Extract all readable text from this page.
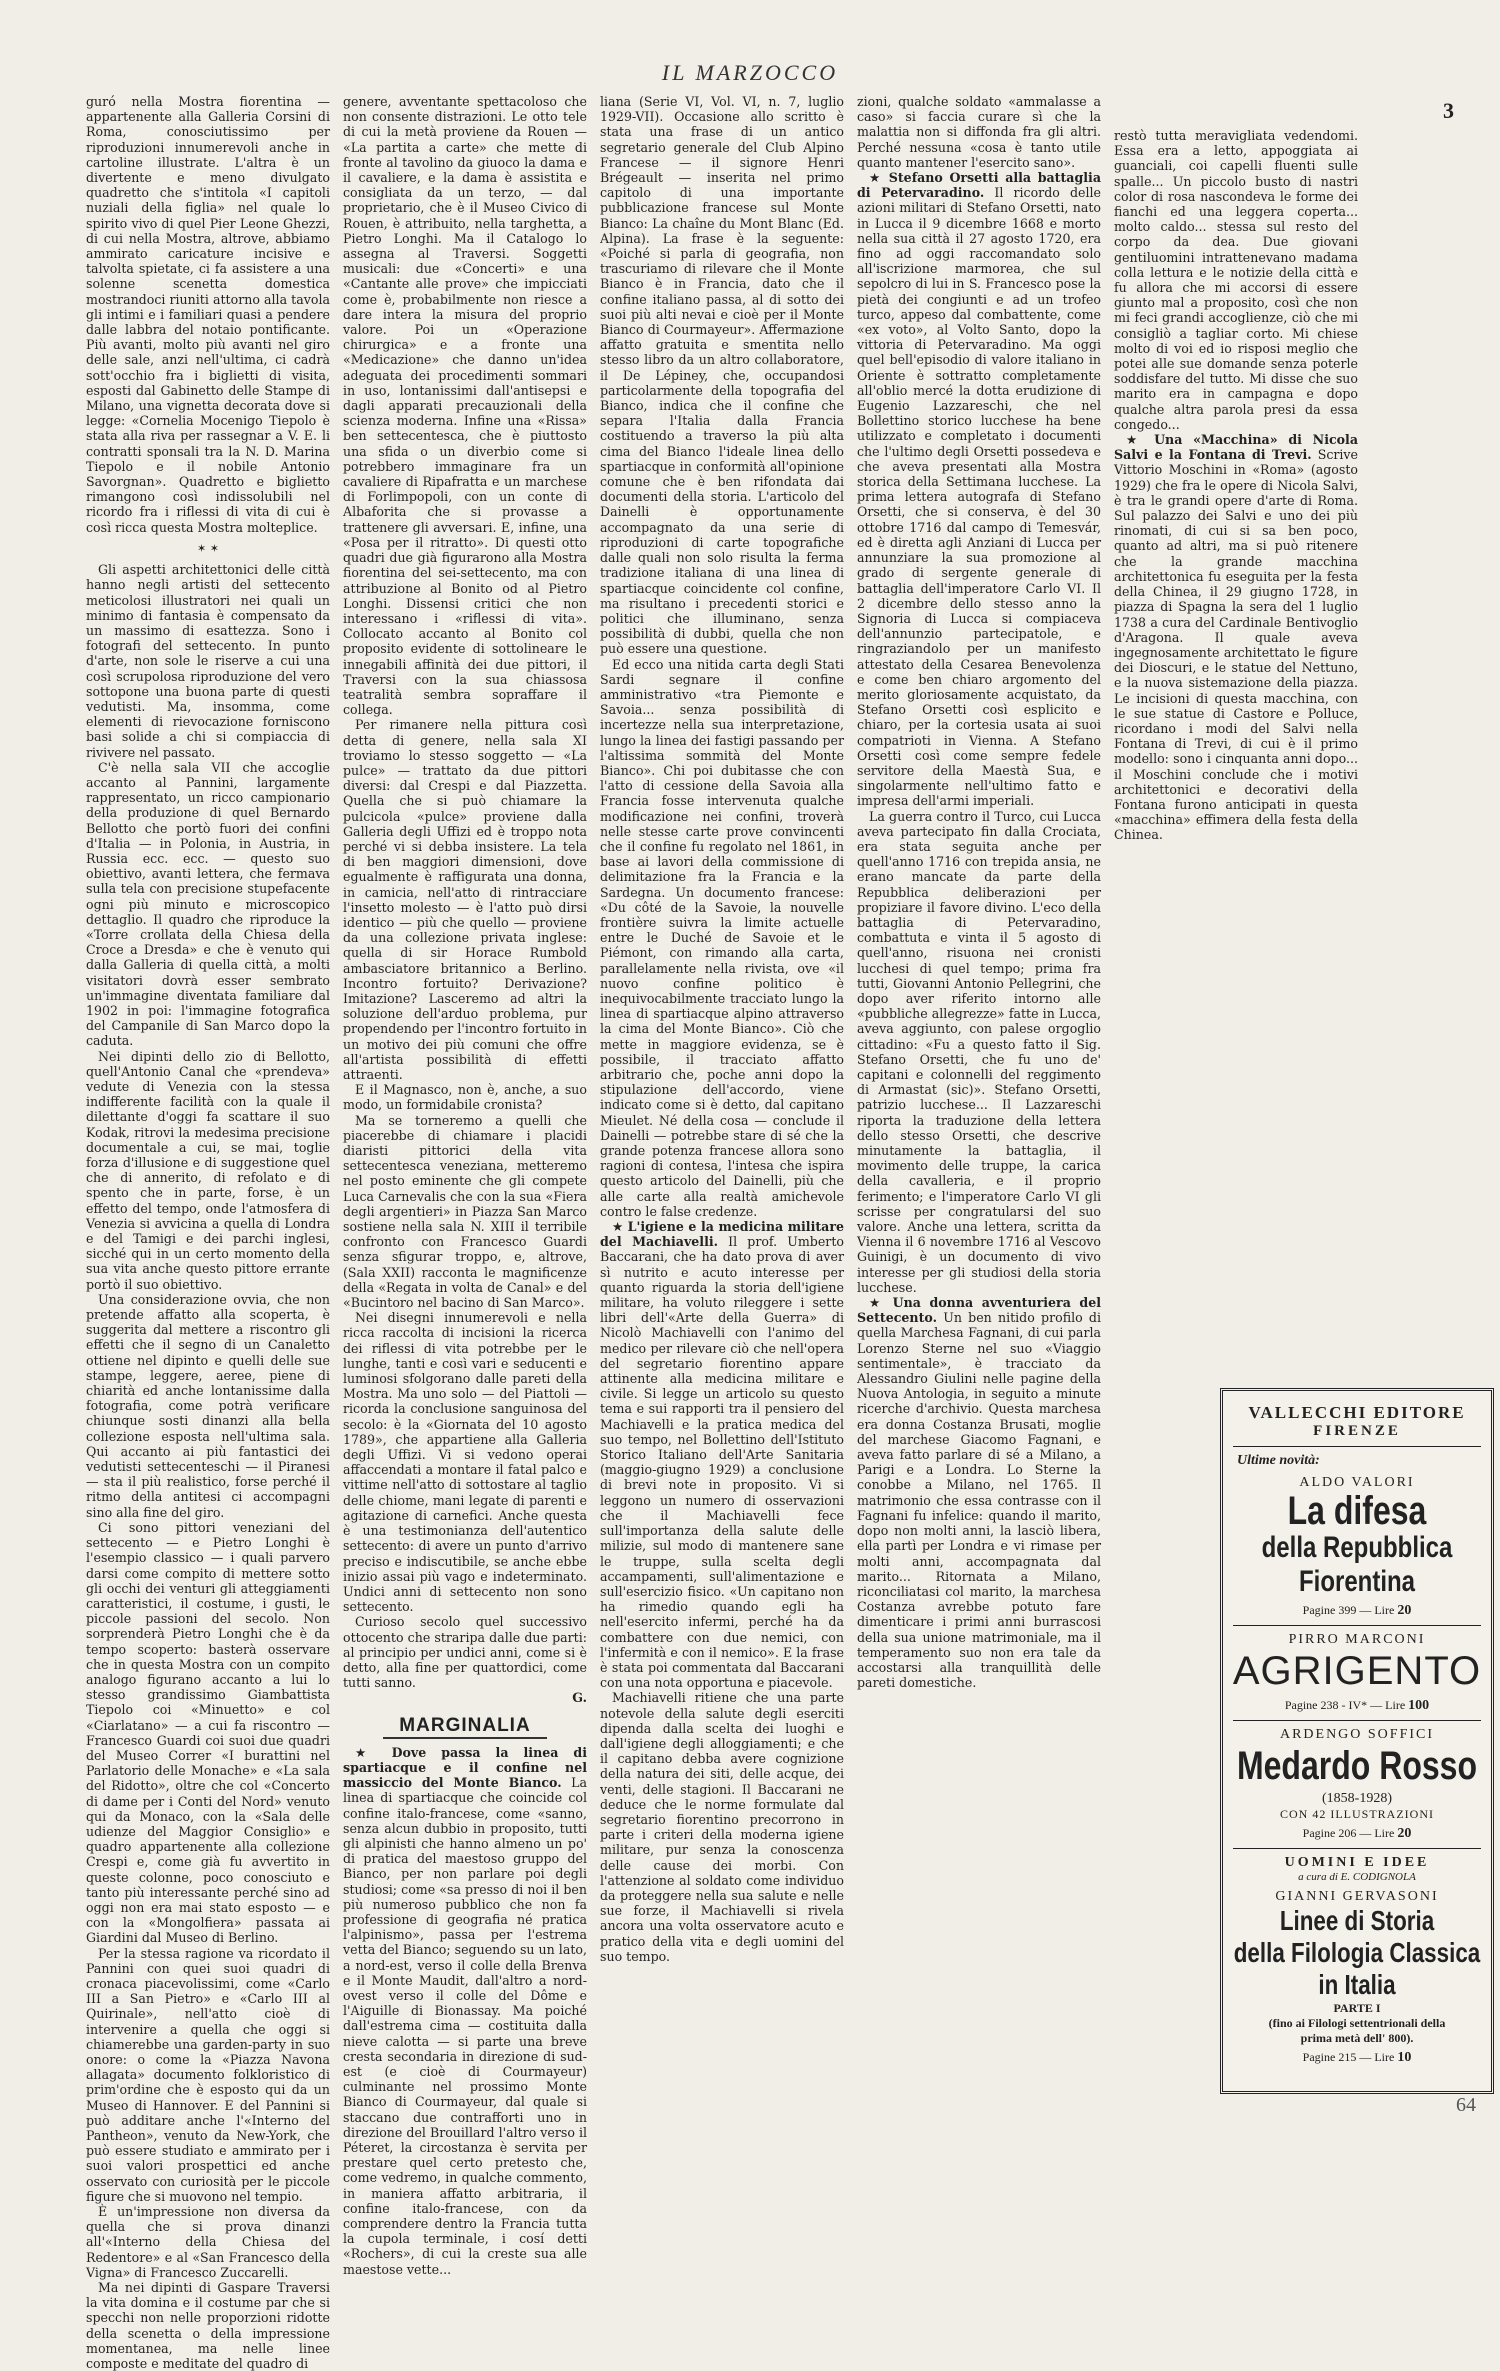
IL MARZOCCO
3
64

guró nella Mostra fiorentina — appartenente alla Galleria Corsini di Roma, conosciutissimo per riproduzioni innumerevoli anche in cartoline illustrate. L'altra è un divertente e meno divulgato quadretto che s'intitola «I capitoli nuziali della figlia» nel quale lo spirito vivo di quel Pier Leone Ghezzi, di cui nella Mostra, altrove, abbiamo ammirato caricature incisive e talvolta spietate, ci fa assistere a una solenne scenetta domestica mostrandoci riuniti attorno alla tavola gli intimi e i familiari quasi a pendere dalle labbra del notaio pontificante. Più avanti, molto più avanti nel giro delle sale, anzi nell'ultima, ci cadrà sott'occhio fra i biglietti di visita, esposti dal Gabinetto delle Stampe di Milano, una vignetta decorata dove si legge: «Cornelia Mocenigo Tiepolo è stata alla riva per rassegnar a V. E. li contratti sponsali tra la N. D. Marina Tiepolo e il nobile Antonio Savorgnan». Quadretto e biglietto rimangono così indissolubili nel ricordo fra i riflessi di vita di cui è così ricca questa Mostra molteplice.

✶ ✶

Gli aspetti architettonici delle città hanno negli artisti del settecento meticolosi illustratori nei quali un minimo di fantasia è compensato da un massimo di esattezza. Sono i fotografi del settecento. In punto d'arte, non sole le riserve a cui una così scrupolosa riproduzione del vero sottopone una buona parte di questi vedutisti. Ma, insomma, come elementi di rievocazione forniscono basi solide a chi si compiaccia di rivivere nel passato.

C'è nella sala VII che accoglie accanto al Pannini, largamente rappresentato, un ricco campionario della produzione di quel Bernardo Bellotto che portò fuori dei confini d'Italia — in Polonia, in Austria, in Russia ecc. ecc. — questo suo obiettivo, avanti lettera, che fermava sulla tela con precisione stupefacente ogni più minuto e microscopico dettaglio. Il quadro che riproduce la «Torre crollata della Chiesa della Croce a Dresda» e che è venuto qui dalla Galleria di quella città, a molti visitatori dovrà esser sembrato un'immagine diventata familiare dal 1902 in poi: l'immagine fotografica del Campanile di San Marco dopo la caduta.

Nei dipinti dello zio di Bellotto, quell'Antonio Canal che «prendeva» vedute di Venezia con la stessa indifferente facilità con la quale il dilettante d'oggi fa scattare il suo Kodak, ritrovi la medesima precisione documentale a cui, se mai, toglie forza d'illusione e di suggestione quel che di annerito, di refolato e di spento che in parte, forse, è un effetto del tempo, onde l'atmosfera di Venezia si avvicina a quella di Londra e del Tamigi e dei parchi inglesi, sicché qui in un certo momento della sua vita anche questo pittore errante portò il suo obiettivo.

Una considerazione ovvia, che non pretende affatto alla scoperta, è suggerita dal mettere a riscontro gli effetti che il segno di un Canaletto ottiene nel dipinto e quelli delle sue stampe, leggere, aeree, piene di chiarità ed anche lontanissime dalla fotografia, come potrà verificare chiunque sosti dinanzi alla bella collezione esposta nell'ultima sala. Qui accanto ai più fantastici dei vedutisti settecenteschi — il Piranesi — sta il più realistico, forse perché il ritmo della antitesi ci accompagni sino alla fine del giro.

Ci sono pittori veneziani del settecento — e Pietro Longhi è l'esempio classico — i quali parvero darsi come compito di mettere sotto gli occhi dei venturi gli atteggiamenti caratteristici, il costume, i gusti, le piccole passioni del secolo. Non sorprenderà Pietro Longhi che è da tempo scoperto: basterà osservare che in questa Mostra con un compito analogo figurano accanto a lui lo stesso grandissimo Giambattista Tiepolo coi «Minuetto» e col «Ciarlatano» — a cui fa riscontro — Francesco Guardi coi suoi due quadri del Museo Correr «I burattini nel Parlatorio delle Monache» e «La sala del Ridotto», oltre che col «Concerto di dame per i Conti del Nord» venuto qui da Monaco, con la «Sala delle udienze del Maggior Consiglio» e quadro appartenente alla collezione Crespi e, come già fu avvertito in queste colonne, poco conosciuto e tanto più interessante perché sino ad oggi non era mai stato esposto — e con la «Mongolfiera» passata ai Giardini dal Museo di Berlino.

Per la stessa ragione va ricordato il Pannini con quei suoi quadri di cronaca piacevolissimi, come «Carlo III a San Pietro» e «Carlo III al Quirinale», nell'atto cioè di intervenire a quella che oggi si chiamerebbe una garden-party in suo onore: o come la «Piazza Navona allagata» documento folkloristico di prim'ordine che è esposto qui da un Museo di Hannover. E del Pannini si può additare anche l'«Interno del Pantheon», venuto da New-York, che può essere studiato e ammirato per i suoi valori prospettici ed anche osservato con curiosità per le piccole figure che si muovono nel tempio.

È un'impressione non diversa da quella che si prova dinanzi all'«Interno della Chiesa del Redentore» e al «San Francesco della Vigna» di Francesco Zuccarelli.

Ma nei dipinti di Gaspare Traversi la vita domina e il costume par che si specchi non nelle proporzioni ridotte della scenetta o della impressione momentanea, ma nelle linee composte e meditate del quadro di

genere, avventante spettacoloso che non consente distrazioni. Le otto tele di cui la metà proviene da Rouen — «La partita a carte» che mette di fronte al tavolino da giuoco la dama e il cavaliere, e la dama è assistita e consigliata da un terzo, — dal proprietario, che è il Museo Civico di Rouen, è attribuito, nella targhetta, a Pietro Longhi. Ma il Catalogo lo assegna al Traversi. Soggetti musicali: due «Concerti» e una «Cantante alle prove» che impicciati come è, probabilmente non riesce a dare intera la misura del proprio valore. Poi un «Operazione chirurgica» e a fronte una «Medicazione» che danno un'idea adeguata dei procedimenti sommari in uso, lontanissimi dall'antisepsi e dagli apparati precauzionali della scienza moderna. Infine una «Rissa» ben settecentesca, che è piuttosto una sfida o un diverbio come si potrebbero immaginare fra un cavaliere di Ripafratta e un marchese di Forlimpopoli, con un conte di Albaforita che si provasse a trattenere gli avversari. E, infine, una «Posa per il ritratto». Di questi otto quadri due già figurarono alla Mostra fiorentina del sei-settecento, ma con attribuzione al Bonito od al Pietro Longhi. Dissensi critici che non interessano i «riflessi di vita». Collocato accanto al Bonito col proposito evidente di sottolineare le innegabili affinità dei due pittori, il Traversi con la sua chiassosa teatralità sembra sopraffare il collega.

Per rimanere nella pittura così detta di genere, nella sala XI troviamo lo stesso soggetto — «La pulce» — trattato da due pittori diversi: dal Crespi e dal Piazzetta. Quella che si può chiamare la pulcicola «pulce» proviene dalla Galleria degli Uffizi ed è troppo nota perché vi si debba insistere. La tela di ben maggiori dimensioni, dove egualmente è raffigurata una donna, in camicia, nell'atto di rintracciare l'insetto molesto — è l'atto può dirsi identico — più che quello — proviene da una collezione privata inglese: quella di sir Horace Rumbold ambasciatore britannico a Berlino. Incontro fortuito? Derivazione? Imitazione? Lasceremo ad altri la soluzione dell'arduo problema, pur propendendo per l'incontro fortuito in un motivo dei più comuni che offre all'artista possibilità di effetti attraenti.

E il Magnasco, non è, anche, a suo modo, un formidabile cronista?

Ma se torneremo a quelli che piacerebbe di chiamare i placidi diaristi pittorici della vita settecentesca veneziana, metteremo nel posto eminente che gli compete Luca Carnevalis che con la sua «Fiera degli argentieri» in Piazza San Marco sostiene nella sala N. XIII il terribile confronto con Francesco Guardi senza sfigurar troppo, e, altrove, (Sala XXII) racconta le magnificenze della «Regata in volta de Canal» e del «Bucintoro nel bacino di San Marco».

Nei disegni innumerevoli e nella ricca raccolta di incisioni la ricerca dei riflessi di vita potrebbe per le lunghe, tanti e così vari e seducenti e luminosi sfolgorano dalle pareti della Mostra. Ma uno solo — del Piattoli — ricorda la conclusione sanguinosa del secolo: è la «Giornata del 10 agosto 1789», che appartiene alla Galleria degli Uffizi. Vi si vedono operai affaccendati a montare il fatal palco e vittime nell'atto di sottostare al taglio delle chiome, mani legate di parenti e agitazione di carnefici. Anche questa è una testimonianza dell'autentico settecento: di avere un punto d'arrivo preciso e indiscutibile, se anche ebbe inizio assai più vago e indeterminato. Undici anni di settecento non sono settecento.

Curioso secolo quel successivo ottocento che straripa dalle due parti: al principio per undici anni, come si è detto, alla fine per quattordici, come tutti sanno.

G.

MARGINALIA

★ Dove passa la linea di spartiacque e il confine nel massiccio del Monte Bianco. La linea di spartiacque che coincide col confine italo-francese, come «sanno, senza alcun dubbio in proposito, tutti gli alpinisti che hanno almeno un po' di pratica del maestoso gruppo del Bianco, per non parlare poi degli studiosi; come «sa presso di noi il ben più numeroso pubblico che non fa professione di geografia né pratica l'alpinismo», passa per l'estrema vetta del Bianco; seguendo su un lato, a nord-est, verso il colle della Brenva e il Monte Maudit, dall'altro a nord-ovest verso il colle del Dôme e l'Aiguille di Bionassay. Ma poiché dall'estrema cima — costituita dalla nieve calotta — si parte una breve cresta secondaria in direzione di sud-est (e cioè di Courmayeur) culminante nel prossimo Monte Bianco di Courmayeur, dal quale si staccano due contrafforti uno in direzione del Brouillard l'altro verso il Péteret, la circostanza è servita per prestare quel certo pretesto che, come vedremo, in qualche commento, in maniera affatto arbitraria, il confine italo-francese, con da comprendere dentro la Francia tutta la cupola terminale, i cosí detti «Rochers», di cui la creste sua alle maestose vette...

liana (Serie VI, Vol. VI, n. 7, luglio 1929-VII). Occasione allo scritto è stata una frase di un antico segretario generale del Club Alpino Francese — il signore Henri Brégeault — inserita nel primo capitolo di una importante pubblicazione francese sul Monte Bianco: La chaîne du Mont Blanc (Ed. Alpina). La frase è la seguente: «Poiché si parla di geografia, non trascuriamo di rilevare che il Monte Bianco è in Francia, dato che il confine italiano passa, al di sotto dei suoi più alti nevai e cioè per il Monte Bianco di Courmayeur». Affermazione affatto gratuita e smentita nello stesso libro da un altro collaboratore, il De Lépiney, che, occupandosi particolarmente della topografia del Bianco, indica che il confine che separa l'Italia dalla Francia costituendo a traverso la più alta cima del Bianco l'ideale linea dello spartiacque in conformità all'opinione comune che è ben rifondata dai documenti della storia. L'articolo del Dainelli è opportunamente accompagnato da una serie di riproduzioni di carte topografiche dalle quali non solo risulta la ferma tradizione italiana di una linea di spartiacque coincidente col confine, ma risultano i precedenti storici e politici che illuminano, senza possibilità di dubbi, quella che non può essere una questione.

Ed ecco una nitida carta degli Stati Sardi segnare il confine amministrativo «tra Piemonte e Savoia... senza possibilità di incertezze nella sua interpretazione, lungo la linea dei fastigi passando per l'altissima sommità del Monte Bianco». Chi poi dubitasse che con l'atto di cessione della Savoia alla Francia fosse intervenuta qualche modificazione nei confini, troverà nelle stesse carte prove convincenti che il confine fu regolato nel 1861, in base ai lavori della commissione di delimitazione fra la Francia e la Sardegna. Un documento francese: «Du côté de la Savoie, la nouvelle frontière suivra la limite actuelle entre le Duché de Savoie et le Piémont, con rimando alla carta, parallelamente nella rivista, ove «il nuovo confine politico è inequivocabilmente tracciato lungo la linea di spartiacque alpino attraverso la cima del Monte Bianco». Ciò che mette in maggiore evidenza, se è possibile, il tracciato affatto arbitrario che, poche anni dopo la stipulazione dell'accordo, viene indicato come si è detto, dal capitano Mieulet. Né della cosa — conclude il Dainelli — potrebbe stare di sé che la grande potenza francese allora sono ragioni di contesa, l'intesa che ispira questo articolo del Dainelli, più che alle carte alla realtà amichevole contro le false credenze.

★ L'igiene e la medicina militare del Machiavelli. Il prof. Umberto Baccarani, che ha dato prova di aver sì nutrito e acuto interesse per quanto riguarda la storia dell'igiene militare, ha voluto rileggere i sette libri dell'«Arte della Guerra» di Nicolò Machiavelli con l'animo del medico per rilevare ciò che nell'opera del segretario fiorentino appare attinente alla medicina militare e civile. Si legge un articolo su questo tema e sui rapporti tra il pensiero del Machiavelli e la pratica medica del suo tempo, nel Bollettino dell'Istituto Storico Italiano dell'Arte Sanitaria (maggio-giugno 1929) a conclusione di brevi note in proposito. Vi si leggono un numero di osservazioni che il Machiavelli fece sull'importanza della salute delle milizie, sul modo di mantenere sane le truppe, sulla scelta degli accampamenti, sull'alimentazione e sull'esercizio fisico. «Un capitano non ha rimedio quando egli ha nell'esercito infermi, perché ha da combattere con due nemici, con l'infermità e con il nemico». E la frase è stata poi commentata dal Baccarani con una nota opportuna e piacevole.

Machiavelli ritiene che una parte notevole della salute degli eserciti dipenda dalla scelta dei luoghi e dall'igiene degli alloggiamenti; e che il capitano debba avere cognizione della natura dei siti, delle acque, dei venti, delle stagioni. Il Baccarani ne deduce che le norme formulate dal segretario fiorentino precorrono in parte i criteri della moderna igiene militare, pur senza la conoscenza delle cause dei morbi. Con l'attenzione al soldato come individuo da proteggere nella sua salute e nelle sue forze, il Machiavelli si rivela ancora una volta osservatore acuto e pratico della vita e degli uomini del suo tempo.

zioni, qualche soldato «ammalasse a caso» si faccia curare sì che la malattia non si diffonda fra gli altri. Perché nessuna «cosa è tanto utile quanto mantener l'esercito sano».

★ Stefano Orsetti alla battaglia di Petervaradino. Il ricordo delle azioni militari di Stefano Orsetti, nato in Lucca il 9 dicembre 1668 e morto nella sua città il 27 agosto 1720, era fino ad oggi raccomandato solo all'iscrizione marmorea, che sul sepolcro di lui in S. Francesco pose la pietà dei congiunti e ad un trofeo turco, appeso dal combattente, come «ex voto», al Volto Santo, dopo la vittoria di Petervaradino. Ma oggi quel bell'episodio di valore italiano in Oriente è sottratto completamente all'oblio mercé la dotta erudizione di Eugenio Lazzareschi, che nel Bollettino storico lucchese ha bene utilizzato e completato i documenti che l'ultimo degli Orsetti possedeva e che aveva presentati alla Mostra storica della Settimana lucchese. La prima lettera autografa di Stefano Orsetti, che si conserva, è del 30 ottobre 1716 dal campo di Temesvár, ed è diretta agli Anziani di Lucca per annunziare la sua promozione al grado di sergente generale di battaglia dell'imperatore Carlo VI. Il 2 dicembre dello stesso anno la Signoria di Lucca si compiaceva dell'annunzio partecipatole, e ringraziandolo per un manifesto attestato della Cesarea Benevolenza e come ben chiaro argomento del merito gloriosamente acquistato, da Stefano Orsetti così esplicito e chiaro, per la cortesia usata ai suoi compatrioti in Vienna. A Stefano Orsetti così come sempre fedele servitore della Maestà Sua, e singolarmente nell'ultimo fatto e impresa dell'armi imperiali.

La guerra contro il Turco, cui Lucca aveva partecipato fin dalla Crociata, era stata seguita anche per quell'anno 1716 con trepida ansia, ne erano mancate da parte della Repubblica deliberazioni per propiziare il favore divino. L'eco della battaglia di Petervaradino, combattuta e vinta il 5 agosto di quell'anno, risuona nei cronisti lucchesi di quel tempo; prima fra tutti, Giovanni Antonio Pellegrini, che dopo aver riferito intorno alle «pubbliche allegrezze» fatte in Lucca, aveva aggiunto, con palese orgoglio cittadino: «Fu a questo fatto il Sig. Stefano Orsetti, che fu uno de' capitani e colonnelli del reggimento di Armastat (sic)». Stefano Orsetti, patrizio lucchese... Il Lazzareschi riporta la traduzione della lettera dello stesso Orsetti, che descrive minutamente la battaglia, il movimento delle truppe, la carica della cavalleria, e il proprio ferimento; e l'imperatore Carlo VI gli scrisse per congratularsi del suo valore. Anche una lettera, scritta da Vienna il 6 novembre 1716 al Vescovo Guinigi, è un documento di vivo interesse per gli studiosi della storia lucchese.

★ Una donna avventuriera del Settecento. Un ben nitido profilo di quella Marchesa Fagnani, di cui parla Lorenzo Sterne nel suo «Viaggio sentimentale», è tracciato da Alessandro Giulini nelle pagine della Nuova Antologia, in seguito a minute ricerche d'archivio. Questa marchesa era donna Costanza Brusati, moglie del marchese Giacomo Fagnani, e aveva fatto parlare di sé a Milano, a Parigi e a Londra. Lo Sterne la conobbe a Milano, nel 1765. Il matrimonio che essa contrasse con il Fagnani fu infelice: quando il marito, dopo non molti anni, la lasciò libera, ella partì per Londra e vi rimase per molti anni, accompagnata dal marito... Ritornata a Milano, riconciliatasi col marito, la marchesa Costanza avrebbe potuto fare dimenticare i primi anni burrascosi della sua unione matrimoniale, ma il temperamento suo non era tale da accostarsi alla tranquillità delle pareti domestiche.

restò tutta meravigliata vedendomi. Essa era a letto, appoggiata ai guanciali, coi capelli fluenti sulle spalle... Un piccolo busto di nastri color di rosa nascondeva le forme dei fianchi ed una leggera coperta... molto caldo... stessa sul resto del corpo da dea. Due giovani gentiluomini intrattenevano madama colla lettura e le notizie della città e fu allora che mi accorsi di essere giunto mal a proposito, così che non mi feci grandi accoglienze, ciò che mi consigliò a tagliar corto. Mi chiese molto di voi ed io risposi meglio che potei alle sue domande senza poterle soddisfare del tutto. Mi disse che suo marito era in campagna e dopo qualche altra parola presi da essa congedo...

★ Una «Macchina» di Nicola Salvi e la Fontana di Trevi. Scrive Vittorio Moschini in «Roma» (agosto 1929) che fra le opere di Nicola Salvi, è tra le grandi opere d'arte di Roma. Sul palazzo dei Salvi e uno dei più rinomati, di cui si sa ben poco, quanto ad altri, ma si può ritenere che la grande macchina architettonica fu eseguita per la festa della Chinea, il 29 giugno 1728, in piazza di Spagna la sera del 1 luglio 1738 a cura del Cardinale Bentivoglio d'Aragona. Il quale aveva ingegnosamente architettato le figure dei Dioscuri, e le statue del Nettuno, e la nuova sistemazione della piazza. Le incisioni di questa macchina, con le sue statue di Castore e Polluce, ricordano i modi del Salvi nella Fontana di Trevi, di cui è il primo modello: sono i cinquanta anni dopo... il Moschini conclude che i motivi architettonici e decorativi della Fontana furono anticipati in questa «macchina» effimera della festa della Chinea.

VALLECCHI EDITORE
FIRENZE
Ultime novità:
ALDO VALORI
La difesa
della Repubblica Fiorentina
Pagine 399 — Lire 20
PIRRO MARCONI
AGRIGENTO
Pagine 238 - IV* — Lire 100
ARDENGO SOFFICI
Medardo Rosso
(1858-1928)
CON 42 ILLUSTRAZIONI
Pagine 206 — Lire 20
UOMINI E IDEE
a cura di E. CODIGNOLA
GIANNI GERVASONI
Linee di Storia
della Filologia Classica
in Italia
PARTE I
(fino ai Filologi settentrionali della
prima metà dell' 800).
Pagine 215 — Lire 10
